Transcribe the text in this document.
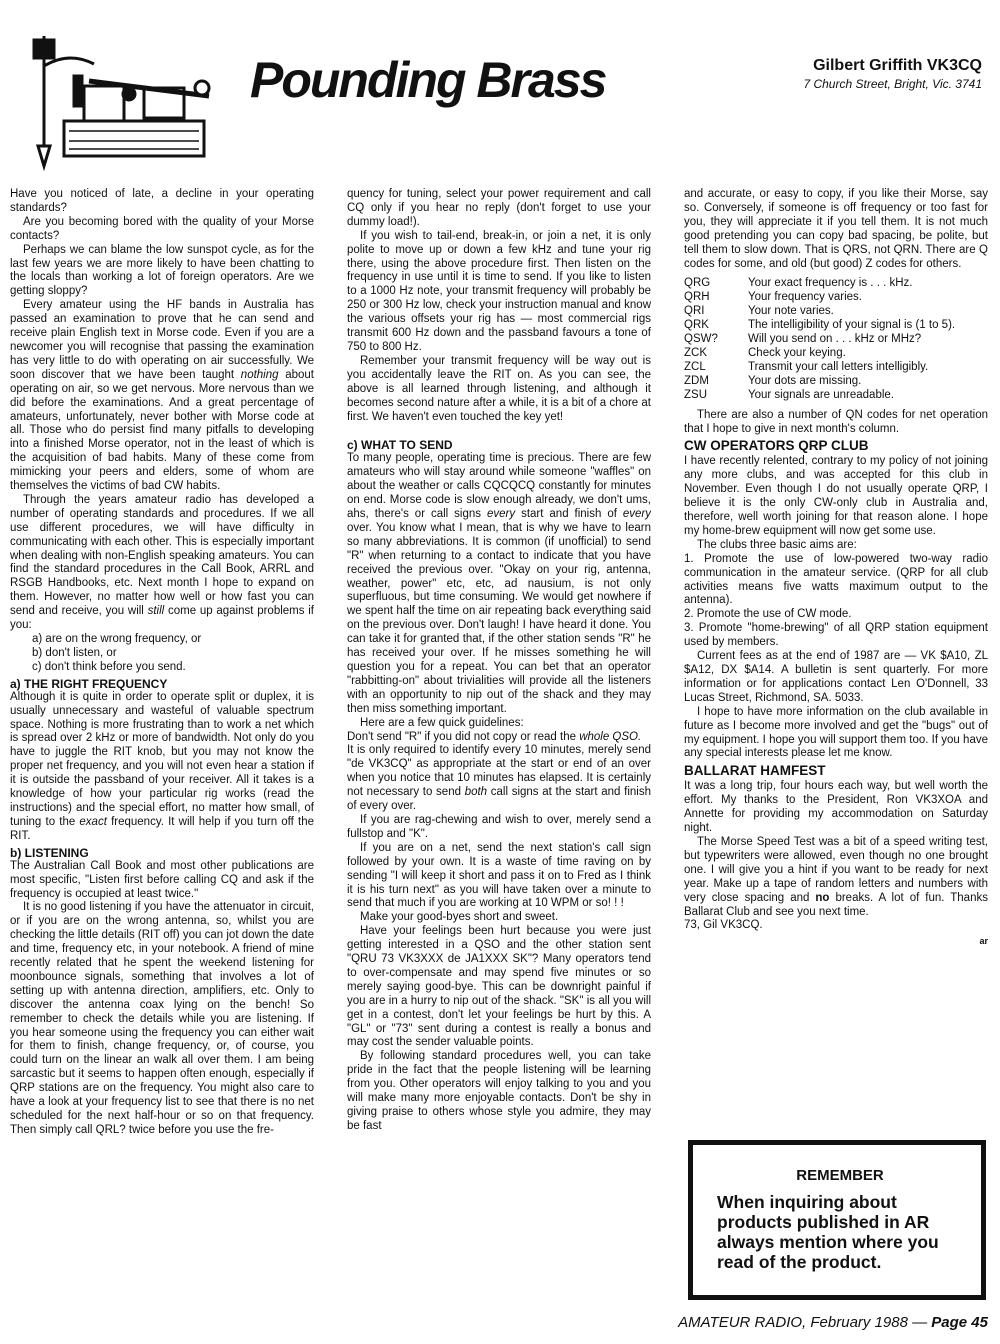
Pounding Brass	Gilbert Griffith VK3CQ
7 Church Street, Bright, Vic. 3741

Have you noticed of late, a decline in your operating standards?

Are you becoming bored with the quality of your Morse contacts?

Perhaps we can blame the low sunspot cycle, as for the last few years we are more likely to have been chatting to the locals than working a lot of foreign operators. Are we getting sloppy?

Every amateur using the HF bands in Australia has passed an examination to prove that he can send and receive plain English text in Morse code. Even if you are a newcomer you will recognise that passing the examination has very little to do with operating on air successfully. We soon discover that we have been taught nothing about operating on air, so we get nervous. More nervous than we did before the examinations. And a great percentage of amateurs, unfortunately, never bother with Morse code at all. Those who do persist find many pitfalls to developing into a finished Morse operator, not in the least of which is the acquisition of bad habits. Many of these come from mimicking your peers and elders, some of whom are themselves the victims of bad CW habits.

Through the years amateur radio has developed a number of operating standards and procedures. If we all use different procedures, we will have difficulty in communicating with each other. This is especially important when dealing with non-English speaking amateurs. You can find the standard procedures in the Call Book, ARRL and RSGB Handbooks, etc. Next month I hope to expand on them. However, no matter how well or how fast you can send and receive, you will still come up against problems if you:

a) are on the wrong frequency, or
b) don't listen, or
c) don't think before you send.
a) THE RIGHT FREQUENCY

Although it is quite in order to operate split or duplex, it is usually unnecessary and wasteful of valuable spectrum space. Nothing is more frustrating than to work a net which is spread over 2 kHz or more of bandwidth. Not only do you have to juggle the RIT knob, but you may not know the proper net frequency, and you will not even hear a station if it is outside the passband of your receiver. All it takes is a knowledge of how your particular rig works (read the instructions) and the special effort, no matter how small, of tuning to the exact frequency. It will help if you turn off the RIT.

b) LISTENING

The Australian Call Book and most other publications are most specific, "Listen first before calling CQ and ask if the frequency is occupied at least twice."

It is no good listening if you have the attenuator in circuit, or if you are on the wrong antenna, so, whilst you are checking the little details (RIT off) you can jot down the date and time, frequency etc, in your notebook. A friend of mine recently related that he spent the weekend listening for moonbounce signals, something that involves a lot of setting up with antenna direction, amplifiers, etc. Only to discover the antenna coax lying on the bench! So remember to check the details while you are listening. If you hear someone using the frequency you can either wait for them to finish, change frequency, or, of course, you could turn on the linear an walk all over them. I am being sarcastic but it seems to happen often enough, especially if QRP stations are on the frequency. You might also care to have a look at your frequency list to see that there is no net scheduled for the next half-hour or so on that frequency. Then simply call QRL? twice before you use the fre-

quency for tuning, select your power requirement and call CQ only if you hear no reply (don't forget to use your dummy load!).

If you wish to tail-end, break-in, or join a net, it is only polite to move up or down a few kHz and tune your rig there, using the above procedure first. Then listen on the frequency in use until it is time to send. If you like to listen to a 1000 Hz note, your transmit frequency will probably be 250 or 300 Hz low, check your instruction manual and know the various offsets your rig has — most commercial rigs transmit 600 Hz down and the passband favours a tone of 750 to 800 Hz.

Remember your transmit frequency will be way out is you accidentally leave the RIT on. As you can see, the above is all learned through listening, and although it becomes second nature after a while, it is a bit of a chore at first. We haven't even touched the key yet!

c) WHAT TO SEND

To many people, operating time is precious. There are few amateurs who will stay around while someone "waffles" on about the weather or calls CQCQCQ constantly for minutes on end. Morse code is slow enough already, we don't ums, ahs, there's or call signs every start and finish of every over. You know what I mean, that is why we have to learn so many abbreviations. It is common (if unofficial) to send "R" when returning to a contact to indicate that you have received the previous over. "Okay on your rig, antenna, weather, power" etc, etc, ad nausium, is not only superfluous, but time consuming. We would get nowhere if we spent half the time on air repeating back everything said on the previous over. Don't laugh! I have heard it done. You can take it for granted that, if the other station sends "R" he has received your over. If he misses something he will question you for a repeat. You can bet that an operator "rabbitting-on" about trivialities will provide all the listeners with an opportunity to nip out of the shack and they may then miss something important.

Here are a few quick guidelines:

Don't send "R" if you did not copy or read the whole QSO.

It is only required to identify every 10 minutes, merely send "de VK3CQ" as appropriate at the start or end of an over when you notice that 10 minutes has elapsed. It is certainly not necessary to send both call signs at the start and finish of every over.

If you are rag-chewing and wish to over, merely send a fullstop and "K".

If you are on a net, send the next station's call sign followed by your own. It is a waste of time raving on by sending "I will keep it short and pass it on to Fred as I think it is his turn next" as you will have taken over a minute to send that much if you are working at 10 WPM or so! ! !

Make your good-byes short and sweet.

Have your feelings been hurt because you were just getting interested in a QSO and the other station sent "QRU 73 VK3XXX de JA1XXX SK"? Many operators tend to over-compensate and may spend five minutes or so merely saying good-bye. This can be downright painful if you are in a hurry to nip out of the shack. "SK" is all you will get in a contest, don't let your feelings be hurt by this. A "GL" or "73" sent during a contest is really a bonus and may cost the sender valuable points.

By following standard procedures well, you can take pride in the fact that the people listening will be learning from you. Other operators will enjoy talking to you and you will make many more enjoyable contacts. Don't be shy in giving praise to others whose style you admire, they may be fast

and accurate, or easy to copy, if you like their Morse, say so. Conversely, if someone is off frequency or too fast for you, they will appreciate it if you tell them. It is not much good pretending you can copy bad spacing, be polite, but tell them to slow down. That is QRS, not QRN. There are Q codes for some, and old (but good) Z codes for others.

QRG	Your exact frequency is . . . kHz.
QRH	Your frequency varies.
QRI	Your note varies.
QRK	The intelligibility of your signal is (1 to 5).
QSW?	Will you send on . . . kHz or MHz?
ZCK	Check your keying.
ZCL	Transmit your call letters intelligibly.
ZDM	Your dots are missing.
ZSU	Your signals are unreadable.

There are also a number of QN codes for net operation that I hope to give in next month's column.

CW OPERATORS QRP CLUB

I have recently relented, contrary to my policy of not joining any more clubs, and was accepted for this club in November. Even though I do not usually operate QRP, I believe it is the only CW-only club in Australia and, therefore, well worth joining for that reason alone. I hope my home-brew equipment will now get some use.

The clubs three basic aims are:

1. Promote the use of low-powered two-way radio communication in the amateur service. (QRP for all club activities means five watts maximum output to the antenna).

2. Promote the use of CW mode.

3. Promote "home-brewing" of all QRP station equipment used by members.

Current fees as at the end of 1987 are — VK $A10, ZL $A12, DX $A14. A bulletin is sent quarterly. For more information or for applications contact Len O'Donnell, 33 Lucas Street, Richmond, SA. 5033.

I hope to have more information on the club available in future as I become more involved and get the "bugs" out of my equipment. I hope you will support them too. If you have any special interests please let me know.

BALLARAT HAMFEST

It was a long trip, four hours each way, but well worth the effort. My thanks to the President, Ron VK3XOA and Annette for providing my accommodation on Saturday night.

The Morse Speed Test was a bit of a speed writing test, but typewriters were allowed, even though no one brought one. I will give you a hint if you want to be ready for next year. Make up a tape of random letters and numbers with very close spacing and no breaks. A lot of fun. Thanks Ballarat Club and see you next time.

73, Gil VK3CQ.

ar
REMEMBER
When inquiring about products published in AR always mention where you read of the product.
AMATEUR RADIO, February 1988 — Page 45
